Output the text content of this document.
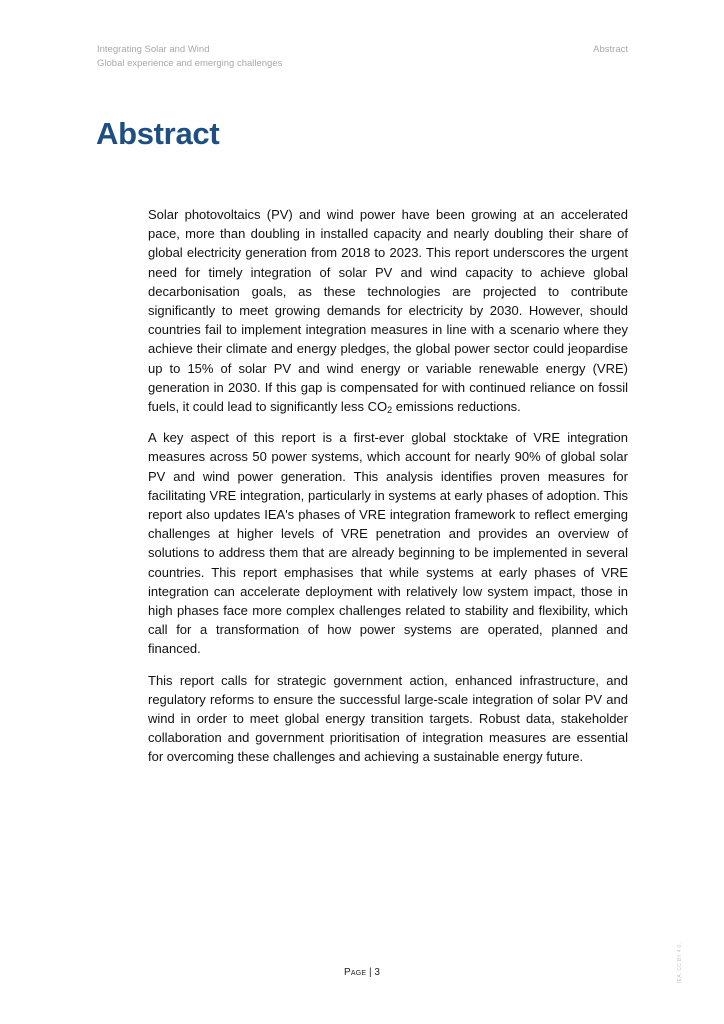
Integrating Solar and Wind
Global experience and emerging challenges
Abstract
Abstract

Solar photovoltaics (PV) and wind power have been growing at an accelerated pace, more than doubling in installed capacity and nearly doubling their share of global electricity generation from 2018 to 2023. This report underscores the urgent need for timely integration of solar PV and wind capacity to achieve global decarbonisation goals, as these technologies are projected to contribute significantly to meet growing demands for electricity by 2030. However, should countries fail to implement integration measures in line with a scenario where they achieve their climate and energy pledges, the global power sector could jeopardise up to 15% of solar PV and wind energy or variable renewable energy (VRE) generation in 2030. If this gap is compensated for with continued reliance on fossil fuels, it could lead to significantly less $CO_2$ emissions reductions.

A key aspect of this report is a first-ever global stocktake of VRE integration measures across 50 power systems, which account for nearly 90% of global solar PV and wind power generation. This analysis identifies proven measures for facilitating VRE integration, particularly in systems at early phases of adoption. This report also updates IEA's phases of VRE integration framework to reflect emerging challenges at higher levels of VRE penetration and provides an overview of solutions to address them that are already beginning to be implemented in several countries. This report emphasises that while systems at early phases of VRE integration can accelerate deployment with relatively low system impact, those in high phases face more complex challenges related to stability and flexibility, which call for a transformation of how power systems are operated, planned and financed.

This report calls for strategic government action, enhanced infrastructure, and regulatory reforms to ensure the successful large-scale integration of solar PV and wind in order to meet global energy transition targets. Robust data, stakeholder collaboration and government prioritisation of integration measures are essential for overcoming these challenges and achieving a sustainable energy future.

Page | 3	IEA. CC BY 4.0.
